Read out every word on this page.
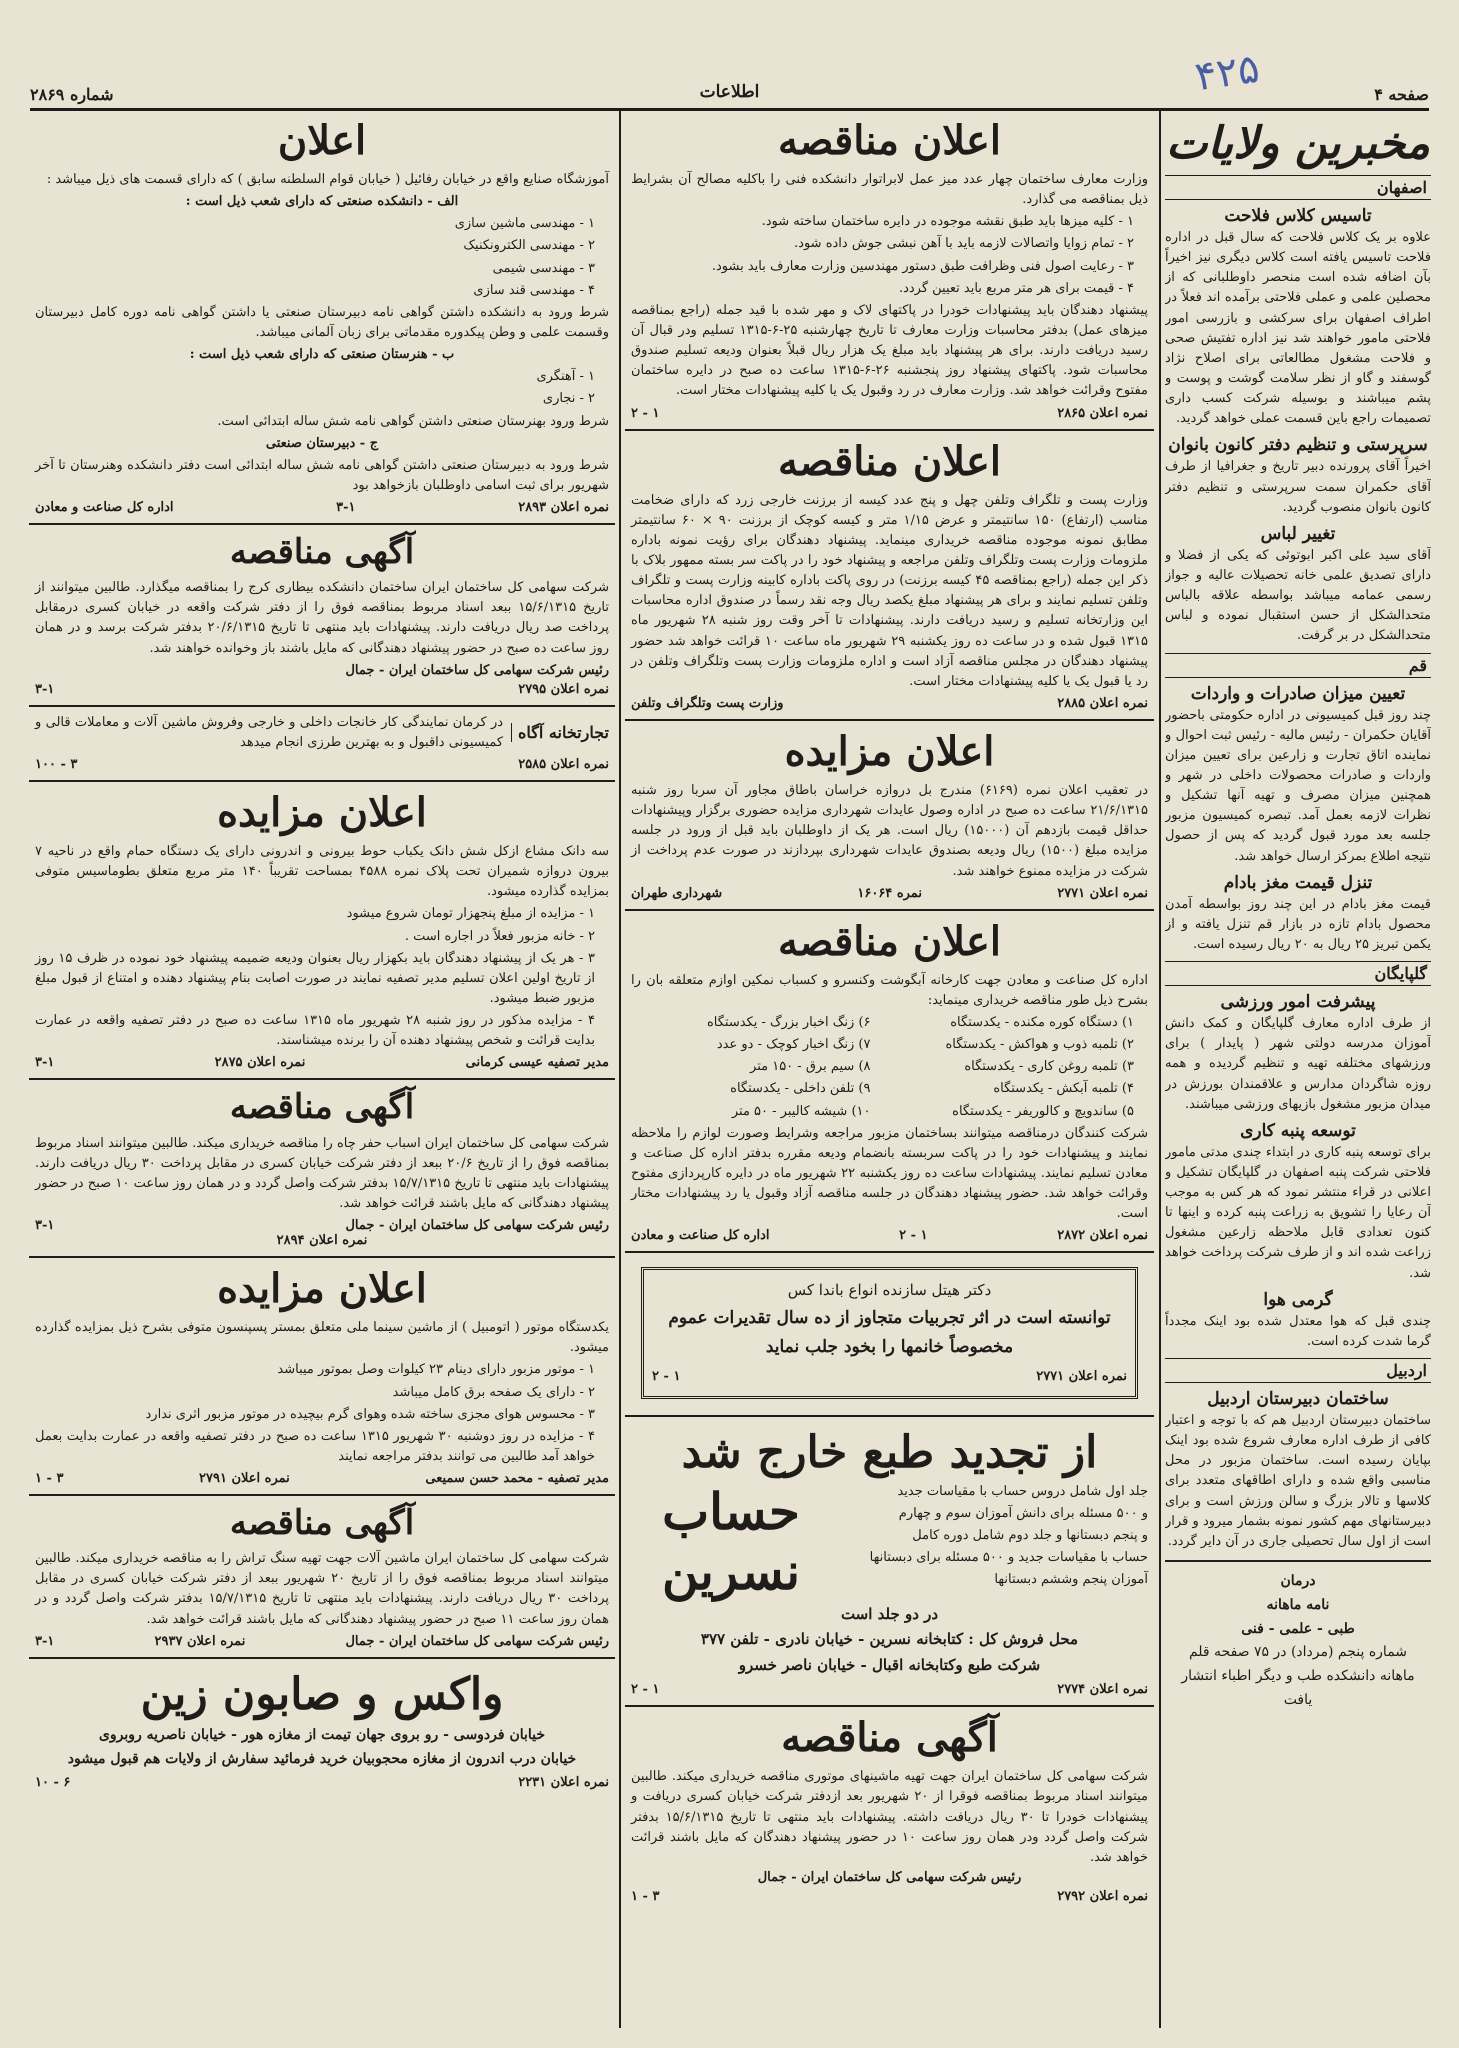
۴۲۵	صفحه ۴
اطلاعات
شماره ۲۸۶۹
مخبرین ولایات
اصفهان
تاسیس کلاس فلاحت
علاوه بر یک کلاس فلاحت که سال قبل در اداره فلاحت تاسیس یافته است کلاس دیگری نیز اخیراً بآن اضافه شده است منحصر داوطلبانی که از محصلین علمی و عملی فلاحتی برآمده اند فعلاً در اطراف اصفهان برای سرکشی و بازرسی امور فلاحتی مامور خواهند شد نیز اداره تفتیش صحی و فلاحت مشغول مطالعاتی برای اصلاح نژاد گوسفند و گاو از نظر سلامت گوشت و پوست و پشم میباشند و بوسیله شرکت کسب داری تصمیمات راجع باین قسمت عملی خواهد گردید.
سرپرستی و تنظیم دفتر کانون بانوان
اخیراً آقای پرورنده دبیر تاریخ و جغرافیا از طرف آقای حکمران سمت سرپرستی و تنظیم دفتر کانون بانوان منصوب گردید.
تغییر لباس
آقای سید علی اکبر ابوتوئی که یکی از فضلا و دارای تصدیق علمی خانه تحصیلات عالیه و جواز رسمی عمامه میباشد بواسطه علاقه بالباس متحدالشکل از حسن استقبال نموده و لباس متحدالشکل در بر گرفت.
قم
تعیین میزان صادرات و واردات
چند روز قبل کمیسیونی در اداره حکومتی باحضور آقایان حکمران - رئیس مالیه - رئیس ثبت احوال و نماینده اتاق تجارت و زارعین برای تعیین میزان واردات و صادرات محصولات داخلی در شهر و همچنین میزان مصرف و تهیه آنها تشکیل و نظرات لازمه بعمل آمد. تبصره کمیسیون مزبور جلسه بعد مورد قبول گردید که پس از حصول نتیجه اطلاع بمرکز ارسال خواهد شد.
تنزل قیمت مغز بادام
قیمت مغز بادام در این چند روز بواسطه آمدن محصول بادام تازه در بازار قم تنزل یافته و از یکمن تبریز ۲۵ ریال به ۲۰ ریال رسیده است.
گلپایگان
پیشرفت امور ورزشی
از طرف اداره معارف گلپایگان و کمک دانش آموزان مدرسه دولتی شهر ( پایدار ) برای ورزشهای مختلفه تهیه و تنظیم گردیده و همه روزه شاگردان مدارس و علاقمندان بورزش در میدان مزبور مشغول بازیهای ورزشی میباشند.
توسعه پنبه کاری
برای توسعه پنبه کاری در ابتداء چندی مدتی مامور فلاحتی شرکت پنبه اصفهان در گلپایگان تشکیل و اعلانی در قراء منتشر نمود که هر کس به موجب آن رعایا را تشویق به زراعت پنبه کرده و اینها تا کنون تعدادی قابل ملاحظه زارعین مشغول زراعت شده اند و از طرف شرکت پرداخت خواهد شد.
گرمی هوا
چندی قبل که هوا معتدل شده بود اینک مجدداً گرما شدت کرده است.
اردبیل
ساختمان دبیرستان اردبیل
ساختمان دبیرستان اردبیل هم که با توجه و اعتبار کافی از طرف اداره معارف شروع شده بود اینک بپایان رسیده است. ساختمان مزبور در محل مناسبی واقع شده و دارای اطاقهای متعدد برای کلاسها و تالار بزرگ و سالن ورزش است و برای دبیرستانهای مهم کشور نمونه بشمار میرود و قرار است از اول سال تحصیلی جاری در آن دایر گردد.
درمان
نامه ماهانه
طبی - علمی - فنی
شماره پنجم (مرداد) در ۷۵ صفحه قلم ماهانه دانشکده طب و دیگر اطباء انتشار یافت
اعلان مناقصه

وزارت معارف ساختمان چهار عدد میز عمل لابراتوار دانشکده فنی را باکلیه مصالح آن بشرایط ذیل بمناقصه می گذارد.

۱ - کلیه میزها باید طبق نقشه موجوده در دایره ساختمان ساخته شود.

۲ - تمام زوایا واتصالات لازمه باید با آهن نبشی جوش داده شود.

۳ - رعایت اصول فنی وظرافت طبق دستور مهندسین وزارت معارف باید بشود.

۴ - قیمت برای هر متر مربع باید تعیین گردد.

پیشنهاد دهندگان باید پیشنهادات خودرا در پاکتهای لاک و مهر شده با قید جمله (راجع بمناقصه میزهای عمل) بدفتر محاسبات وزارت معارف تا تاریخ چهارشنبه ۲۵-۶-۱۳۱۵ تسلیم ودر قبال آن رسید دریافت دارند. برای هر پیشنهاد باید مبلغ یک هزار ریال قبلاً بعنوان ودیعه تسلیم صندوق محاسبات شود. پاکتهای پیشنهاد روز پنجشنبه ۲۶-۶-۱۳۱۵ ساعت ده صبح در دایره ساختمان مفتوح وقرائت خواهد شد. وزارت معارف در رد وقبول یک یا کلیه پیشنهادات مختار است.

نمره اعلان ۲۸۶۵
۱ - ۲
اعلان مناقصه

وزارت پست و تلگراف وتلفن چهل و پنج عدد کیسه از برزنت خارجی زرد که دارای ضخامت مناسب (ارتفاع) ۱۵۰ سانتیمتر و عرض ۱/۱۵ متر و کیسه کوچک از برزنت ۹۰ × ۶۰ سانتیمتر مطابق نمونه موجوده مناقصه خریداری مینماید. پیشنهاد دهندگان برای رؤیت نمونه باداره ملزومات وزارت پست وتلگراف وتلفن مراجعه و پیشنهاد خود را در پاکت سر بسته ممهور بلاک با ذکر این جمله (راجع بمناقصه ۴۵ کیسه برزنت) در روی پاکت باداره کابینه وزارت پست و تلگراف وتلفن تسلیم نمایند و برای هر پیشنهاد مبلغ یکصد ریال وجه نقد رسماً در صندوق اداره محاسبات این وزارتخانه تسلیم و رسید دریافت دارند. پیشنهادات تا آخر وقت روز شنبه ۲۸ شهریور ماه ۱۳۱۵ قبول شده و در ساعت ده روز یکشنبه ۲۹ شهریور ماه ساعت ۱۰ قرائت خواهد شد حضور پیشنهاد دهندگان در مجلس مناقصه آزاد است و اداره ملزومات وزارت پست وتلگراف وتلفن در رد یا قبول یک یا کلیه پیشنهادات مختار است.

نمره اعلان ۲۸۸۵
وزارت پست وتلگراف وتلفن
اعلان مزایده

در تعقیب اعلان نمره (۶۱۶۹) مندرج بل دروازه خراسان باطاق مجاور آن سربا روز شنبه ۲۱/۶/۱۳۱۵ ساعت ده صبح در اداره وصول عایدات شهرداری مزایده حضوری برگزار وپیشنهادات حداقل قیمت بازدهم آن (۱۵۰۰۰) ریال است. هر یک از داوطلبان باید قبل از ورود در جلسه مزایده مبلغ (۱۵۰۰) ریال ودیعه بصندوق عایدات شهرداری بپردازند در صورت عدم پرداخت از شرکت در مزایده ممنوع خواهند شد.

نمره اعلان ۲۷۷۱
نمره ۱۶۰۶۴
شهرداری طهران
اعلان مناقصه

اداره کل صناعت و معادن جهت کارخانه آبگوشت وکنسرو و کسباب نمکین اوازم متعلقه بان را بشرح ذیل طور مناقصه خریداری مینماید:

۱) دستگاه کوره مکنده - یکدستگاه

۶) زنگ اخبار بزرگ - یکدستگاه

۲) تلمبه ذوب و هواکش - یکدستگاه

۷) زنگ اخبار کوچک - دو عدد

۳) تلمبه روغن کاری - یکدستگاه

۸) سیم برق - ۱۵۰ متر

۴) تلمبه آبکش - یکدستگاه

۹) تلفن داخلی - یکدستگاه

۵) ساندویچ و کالوریفر - یکدستگاه

۱۰) شیشه کالیبر - ۵۰ متر

شرکت کنندگان درمناقصه میتوانند بساختمان مزبور مراجعه وشرایط وصورت لوازم را ملاحظه نمایند و پیشنهادات خود را در پاکت سربسته بانضمام ودیعه مقرره بدفتر اداره کل صناعت و معادن تسلیم نمایند. پیشنهادات ساعت ده روز یکشنبه ۲۲ شهریور ماه در دایره کارپردازی مفتوح وقرائت خواهد شد. حضور پیشنهاد دهندگان در جلسه مناقصه آزاد وقبول یا رد پیشنهادات مختار است.

نمره اعلان ۲۸۷۲
۱ - ۲
اداره کل صناعت و معادن
دکتر هیتل سازنده انواع باندا کس
توانسته است در اثر تجربیات متجاوز از ده سال تقدیرات عموم
مخصوصاً خانمها را بخود جلب نماید
نمره اعلان ۲۷۷۱
۱ - ۲
از تجدید طبع خارج شد

جلد اول شامل دروس حساب با مقیاسات جدید

و ۵۰۰ مسئله برای دانش آموزان سوم و چهارم

و پنجم دبستانها و جلد دوم شامل دوره کامل

حساب با مقیاسات جدید و ۵۰۰ مسئله برای دبستانها

آموزان پنجم وششم دبستانها

حساب نسرین
در دو جلد است
محل فروش کل : کتابخانه نسرین - خیابان نادری - تلفن ۳۷۷
شرکت طبع وکتابخانه اقبال - خیابان ناصر خسرو
نمره اعلان ۲۷۷۴
۱ - ۲
آگهی مناقصه

شرکت سهامی کل ساختمان ایران جهت تهیه ماشینهای موتوری مناقصه خریداری میکند. طالبین میتوانند اسناد مربوط بمناقصه فوقرا از ۲۰ شهریور بعد ازدفتر شرکت خیابان کسری دریافت و پیشنهادات خودرا تا ۳۰ ریال دریافت داشته. پیشنهادات باید منتهی تا تاریخ ۱۵/۶/۱۳۱۵ بدفتر شرکت واصل گردد ودر همان روز ساعت ۱۰ در حضور پیشنهاد دهندگان که مایل باشند قرائت خواهد شد.

رئیس شرکت سهامی کل ساختمان ایران - جمال
نمره اعلان ۲۷۹۲
۳ - ۱
اعلان

آموزشگاه صنایع واقع در خیابان رفائیل ( خیابان قوام السلطنه سابق ) که دارای قسمت های ذیل میباشد :

الف - دانشکده صنعتی که دارای شعب ذیل است :

۱ - مهندسی ماشین سازی

۲ - مهندسی الکترونکنیک

۳ - مهندسی شیمی

۴ - مهندسی قند سازی

شرط ورود به دانشکده داشتن گواهی نامه دبیرستان صنعتی یا داشتن گواهی نامه دوره کامل دبیرستان وقسمت علمی و وطن پیکدوره مقدماتی برای زبان آلمانی میباشد.

ب - هنرستان صنعتی که دارای شعب ذیل است :

۱ - آهنگری

۲ - نجاری

شرط ورود بهنرستان صنعتی داشتن گواهی نامه شش ساله ابتدائی است.

ج - دبیرستان صنعتی

شرط ورود به دبیرستان صنعتی داشتن گواهی نامه شش ساله ابتدائی است دفتر دانشکده وهنرستان تا آخر شهریور برای ثبت اسامی داوطلبان بازخواهد بود

نمره اعلان ۲۸۹۳
۳-۱
اداره کل صناعت و معادن
آگهی مناقصه

شرکت سهامی کل ساختمان ایران ساختمان دانشکده بیطاری کرج را بمناقصه میگذارد. طالبین میتوانند از تاریخ ۱۵/۶/۱۳۱۵ ببعد اسناد مربوط بمناقصه فوق را از دفتر شرکت واقعه در خیابان کسری درمقابل پرداخت صد ریال دریافت دارند. پیشنهادات باید منتهی تا تاریخ ۲۰/۶/۱۳۱۵ بدفتر شرکت برسد و در همان روز ساعت ده صبح در حضور پیشنهاد دهندگانی که مایل باشند باز وخوانده خواهند شد.

رئیس شرکت سهامی کل ساختمان ایران - جمال
نمره اعلان ۲۷۹۵
۳-۱
تجارتخانه آگاه
در کرمان نمایندگی کار خانجات داخلی و خارجی وفروش ماشین آلات و معاملات قالی و کمیسیونی داقبول و به بهترین طرزی انجام میدهد
نمره اعلان ۲۵۸۵
۳ - ۱۰۰
اعلان مزایده

سه دانک مشاع ازکل شش دانک یکباب حوط بیرونی و اندرونی دارای یک دستگاه حمام واقع در ناحیه ۷ بیرون دروازه شمیران تحت پلاک نمره ۴۵۸۸ بمساحت تقریباً ۱۴۰ متر مربع متعلق بطوماسیس متوفی بمزایده گذارده میشود.

۱ - مزایده از مبلغ پنجهزار تومان شروع میشود

۲ - خانه مزبور فعلاً در اجاره است .

۳ - هر یک از پیشنهاد دهندگان باید بکهزار ریال بعنوان ودیعه ضمیمه پیشنهاد خود نموده در ظرف ۱۵ روز از تاریخ اولین اعلان تسلیم مدیر تصفیه نمایند در صورت اصابت بنام پیشنهاد دهنده و امتناع از قبول مبلغ مزبور ضبط میشود.

۴ - مزایده مذکور در روز شنبه ۲۸ شهریور ماه ۱۳۱۵ ساعت ده صبح در دفتر تصفیه واقعه در عمارت بدایت قرائت و شخص پیشنهاد دهنده آن را برنده میشناسند.

مدیر تصفیه عیسی کرمانی
نمره اعلان ۲۸۷۵
۳-۱
آگهی مناقصه

شرکت سهامی کل ساختمان ایران اسباب حفر چاه را مناقصه خریداری میکند. طالبین میتوانند اسناد مربوط بمناقصه فوق را از تاریخ ۲۰/۶ ببعد از دفتر شرکت خیابان کسری در مقابل پرداخت ۳۰ ریال دریافت دارند. پیشنهادات باید منتهی تا تاریخ ۱۵/۷/۱۳۱۵ بدفتر شرکت واصل گردد و در همان روز ساعت ۱۰ صبح در حضور پیشنهاد دهندگانی که مایل باشند قرائت خواهد شد.

رئیس شرکت سهامی کل ساختمان ایران - جمال
۳-۱
نمره اعلان ۲۸۹۴
اعلان مزایده

یکدستگاه موتور ( اتومبیل ) از ماشین سینما ملی متعلق بمستر پسپنسون متوفی بشرح ذیل بمزایده گذارده میشود.

۱ - موتور مزبور دارای دینام ۲۳ کیلوات وصل بموتور میباشد

۲ - دارای یک صفحه برق کامل میباشد

۳ - محسوس هوای مجزی ساخته شده وهوای گرم بیچیده در موتور مزبور اثری ندارد

۴ - مزایده در روز دوشنبه ۳۰ شهریور ۱۳۱۵ ساعت ده صبح در دفتر تصفیه واقعه در عمارت بدایت بعمل خواهد آمد طالبین می توانند بدفتر مراجعه نمایند

مدیر تصفیه - محمد حسن سمیعی
نمره اعلان ۲۷۹۱
۳ - ۱
آگهی مناقصه

شرکت سهامی کل ساختمان ایران ماشین آلات جهت تهیه سنگ تراش را به مناقصه خریداری میکند. طالبین میتوانند اسناد مربوط بمناقصه فوق را از تاریخ ۲۰ شهریور ببعد از دفتر شرکت خیابان کسری در مقابل پرداخت ۳۰ ریال دریافت دارند. پیشنهادات باید منتهی تا تاریخ ۱۵/۷/۱۳۱۵ بدفتر شرکت واصل گردد و در همان روز ساعت ۱۱ صبح در حضور پیشنهاد دهندگانی که مایل باشند قرائت خواهد شد.

رئیس شرکت سهامی کل ساختمان ایران - جمال
نمره اعلان ۲۹۳۷
۳-۱
واکس و صابون زین
خیابان فردوسی - رو بروی جهان تیمت از مغازه هور - خیابان ناصریه روبروی
خیابان درب اندرون از مغازه محجوبیان خرید فرمائید سفارش از ولایات هم قبول میشود
نمره اعلان ۲۲۳۱
۶ - ۱۰
